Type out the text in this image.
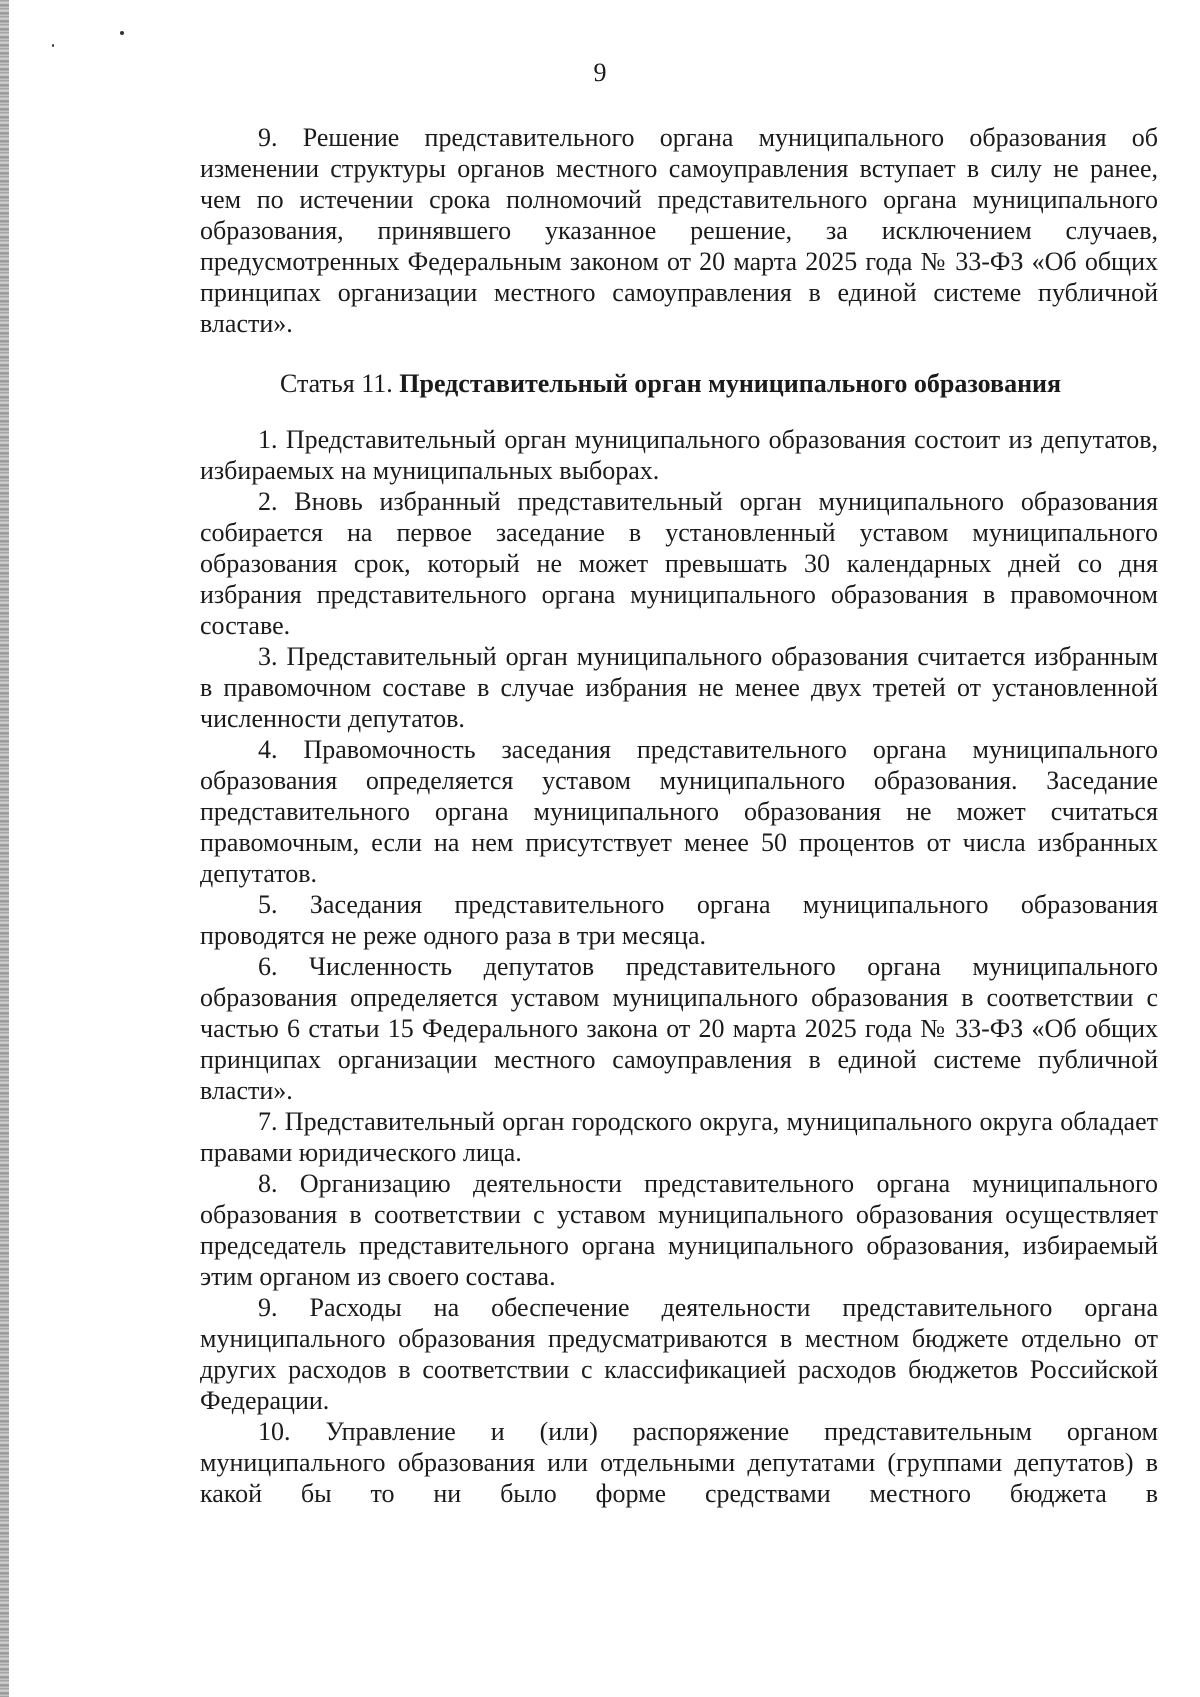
9

9. Решение представительного органа муниципального образования об изменении структуры органов местного самоуправления вступает в силу не ранее, чем по истечении срока полномочий представительного органа муниципального образования, принявшего указанное решение, за исключением случаев, предусмотренных Федеральным законом от 20 марта 2025 года № 33-ФЗ «Об общих принципах организации местного самоуправления в единой системе публичной власти».

Статья 11. Представительный орган муниципального образования

1. Представительный орган муниципального образования состоит из депутатов, избираемых на муниципальных выборах.

2. Вновь избранный представительный орган муниципального образования собирается на первое заседание в установленный уставом муниципального образования срок, который не может превышать 30 календарных дней со дня избрания представительного органа муниципального образования в правомочном составе.

3. Представительный орган муниципального образования считается избранным в правомочном составе в случае избрания не менее двух третей от установленной численности депутатов.

4. Правомочность заседания представительного органа муниципального образования определяется уставом муниципального образования. Заседание представительного органа муниципального образования не может считаться правомочным, если на нем присутствует менее 50 процентов от числа избранных депутатов.

5. Заседания представительного органа муниципального образования проводятся не реже одного раза в три месяца.

6. Численность депутатов представительного органа муниципального образования определяется уставом муниципального образования в соответствии с частью 6 статьи 15 Федерального закона от 20 марта 2025 года № 33-ФЗ «Об общих принципах организации местного самоуправления в единой системе публичной власти».

7. Представительный орган городского округа, муниципального округа обладает правами юридического лица.

8. Организацию деятельности представительного органа муниципального образования в соответствии с уставом муниципального образования осуществляет председатель представительного органа муниципального образования, избираемый этим органом из своего состава.

9. Расходы на обеспечение деятельности представительного органа муниципального образования предусматриваются в местном бюджете отдельно от других расходов в соответствии с классификацией расходов бюджетов Российской Федерации.

10. Управление и (или) распоряжение представительным органом муниципального образования или отдельными депутатами (группами депутатов) в какой бы то ни было форме средствами местного бюджета в
